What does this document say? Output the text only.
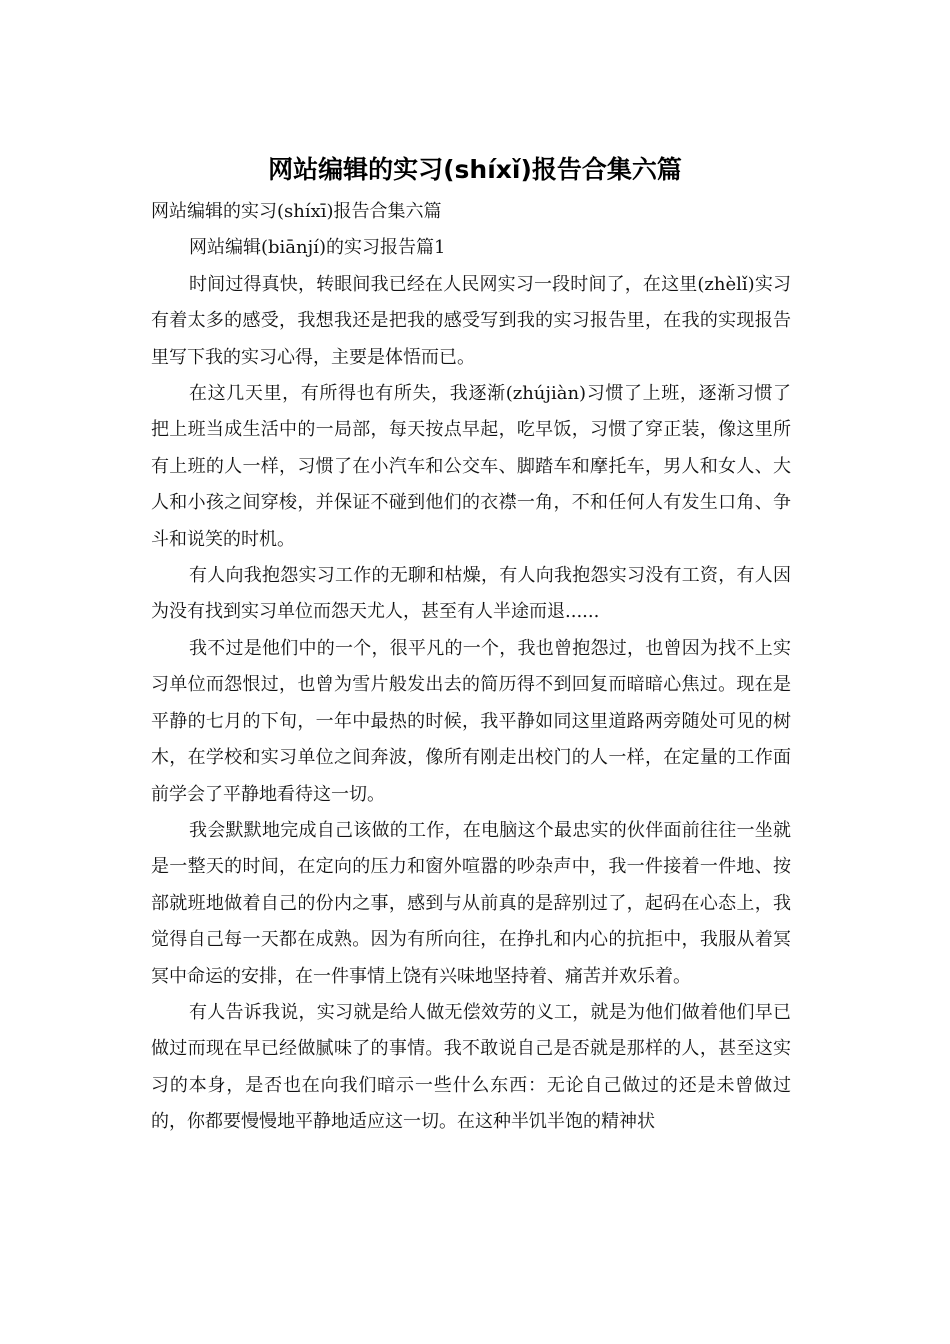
网站编辑的实习(shíxǐ)报告合集六篇

网站编辑的实习(shíxī)报告合集六篇

网站编辑(biānjí)的实习报告篇1

时间过得真快，转眼间我已经在人民网实习一段时间了，在这里(zhèlǐ)实习有着太多的感受，我想我还是把我的感受写到我的实习报告里，在我的实现报告里写下我的实习心得，主要是体悟而已。

在这几天里，有所得也有所失，我逐渐(zhújiàn)习惯了上班，逐渐习惯了把上班当成生活中的一局部，每天按点早起，吃早饭，习惯了穿正装，像这里所有上班的人一样，习惯了在小汽车和公交车、脚踏车和摩托车，男人和女人、大人和小孩之间穿梭，并保证不碰到他们的衣襟一角，不和任何人有发生口角、争斗和说笑的时机。

有人向我抱怨实习工作的无聊和枯燥，有人向我抱怨实习没有工资，有人因为没有找到实习单位而怨天尤人，甚至有人半途而退......

我不过是他们中的一个，很平凡的一个，我也曾抱怨过，也曾因为找不上实习单位而怨恨过，也曾为雪片般发出去的简历得不到回复而暗暗心焦过。现在是平静的七月的下旬，一年中最热的时候，我平静如同这里道路两旁随处可见的树木，在学校和实习单位之间奔波，像所有刚走出校门的人一样，在定量的工作面前学会了平静地看待这一切。

我会默默地完成自己该做的工作，在电脑这个最忠实的伙伴面前往往一坐就是一整天的时间，在定向的压力和窗外喧嚣的吵杂声中，我一件接着一件地、按部就班地做着自己的份内之事，感到与从前真的是辞别过了，起码在心态上，我觉得自己每一天都在成熟。因为有所向往，在挣扎和内心的抗拒中，我服从着冥冥中命运的安排，在一件事情上饶有兴味地坚持着、痛苦并欢乐着。

有人告诉我说，实习就是给人做无偿效劳的义工，就是为他们做着他们早已做过而现在早已经做腻味了的事情。我不敢说自己是否就是那样的人，甚至这实习的本身，是否也在向我们暗示一些什么东西：无论自己做过的还是未曾做过的，你都要慢慢地平静地适应这一切。在这种半饥半饱的精神状
